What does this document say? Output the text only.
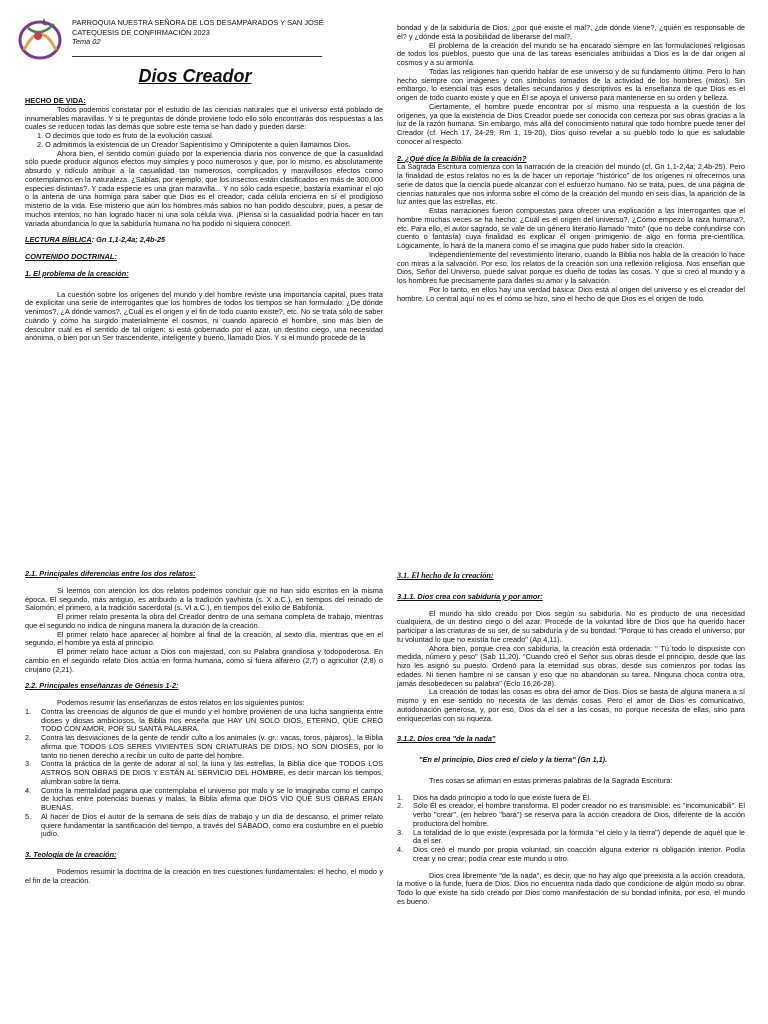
PARROQUIA NUESTRA SEÑORA DE LOS DESAMPARADOS Y SAN JOSÉ
CATEQUESIS DE CONFIRMACIÓN 2023
Tema 02
Dios Creador

HECHO DE VIDA:

Todos podemos constatar por el estudio de las ciencias naturales que el universo está poblado de innumerables maravillas. Y si te preguntas de dónde proviene todo ello sólo encontrarás dos respuestas a las cuales se reducen todas las demás que sobre este tema se han dado y pueden darse:

1. O decimos que todo es fruto de la evolución casual.

2. O admitimos la existencia de un Creador Sapientísimo y Omnipotente a quien llamamos Dios.

Ahora bien, el sentido común guiado por la experiencia diaria nos convence de que la casualidad sólo puede producir algunos efectos muy simples y poco numerosos y que, por lo mismo, es absolutamente absurdo y ridículo atribuir a la casualidad tan numerosos, complicados y maravillosos efectos como contemplamos en la naturaleza. ¿Sabías, por ejemplo, que los insectos están clasificados en más de 300,000 especies distintas?. Y cada especie es una gran maravilla... Y no sólo cada especie, bastaría examinar el ojo o la antena de una hormiga para saber que Dios es el creador; cada célula encierra en sí el prodigioso misterio de la vida. Ese misterio que aún los hombres más sabios no han podido descubrir, pues, a pesar de muchos intentos, no han logrado hacer ni una sola célula viva. ¡Piensa si la casualidad podría hacer en tan variada abundancia lo que la sabiduría humana no ha podido ni siquiera conocer!.

LECTURA BÍBLICA: Gn 1,1-2,4a; 2,4b-25

CONTENIDO DOCTRINAL:

1. El problema de la creación:

La cuestión sobre los orígenes del mundo y del hombre reviste una importancia capital, pues trata de explicitar una serie de interrogantes que los hombres de todos los tiempos se han formulado: ¿De dónde venimos?, ¿A dónde vamos?, ¿Cuál es el origen y el fin de todo cuanto existe?, etc. No se trata sólo de saber cuándo y cómo ha surgido materialmente el cosmos, ni cuando apareció el hombre, sino más bien de descubrir cuál es el sentido de tal origen: si está gobernado por el azar, un destino ciego, una necesidad anónima, o bien por un Ser trascendente, inteligente y bueno, llamado Dios. Y si el mundo procede de la

bondad y de la sabiduría de Dios, ¿por qué existe el mal?, ¿de dónde viene?, ¿quién es responsable de él? y ¿dónde está la posibilidad de liberarse del mal?.

El problema de la creación del mundo se ha encarado siempre en las formulaciones religiosas de todos los pueblos, puesto que una de las tareas esenciales atribuidas a Dios es la de dar origen al cosmos y a su armonía.

Todas las religiones han querido hablar de ese universo y de su fundamento último. Pero lo han hecho siempre con imágenes y con símbolos tomados de la actividad de los hombres (mitos). Sin embargo, lo esencial tras esos detalles secundarios y descriptivos es la enseñanza de que Dios es el origen de todo cuanto existe y que en Él se apoya el universo para mantenerse en su orden y belleza.

Ciertamente, el hombre puede encontrar por sí mismo una respuesta a la cuestión de los orígenes, ya que la existencia de Dios Creador puede ser conocida con certeza por sus obras gracias a la luz de la razón humana. Sin embargo, más allá del conocimiento natural que todo hombre puede tener del Creador (cf. Hech 17, 24-29; Rm 1, 19-20), Dios quiso revelar a su pueblo todo lo que es saludable conocer al respecto.

2. ¿Qué dice la Biblia de la creación?

La Sagrada Escritura comienza con la narración de la creación del mundo (cf. Gn 1,1-2,4a; 2,4b-25). Pero la finalidad de estos relatos no es la de hacer un reportaje "histórico" de los orígenes ni ofrecernos una serie de datos que la ciencia puede alcanzar con el esfuerzo humano. No se trata, pues, de una página de ciencias naturales que nos informa sobre el cómo de la creación del mundo en seis días, la aparición de la luz antes que las estrellas, etc.

Estas narraciones fueron compuestas para ofrecer una explicación a las interrogantes que el hombre muchas veces se ha hecho: ¿Cuál es el origen del universo?, ¿Cómo empezó la raza humana?, etc. Para ello, el autor sagrado, se vale de un género literario llamado "mito" (que no debe confundirse con cuento o fantasía) cuya finalidad es explicar el origen primigenio de algo en forma pre-científica. Lógicamente, lo hará de la manera como él se imagina que pudo haber sido la creación.

Independientemente del revestimiento literario, cuando la Biblia nos habla de la creación lo hace con miras a la salvación. Por eso, los relatos de la creación son una reflexión religiosa. Nos enseñan que Dios, Señor del Universo, puede salvar porque es dueño de todas las cosas. Y que si creó al mundo y a los hombres fue precisamente para darles su amor y la salvación.

Por lo tanto, en ellos hay una verdad básica: Dios está al origen del universo y es el creador del hombre. Lo central aquí no es el cómo se hizo, sino el hecho de que Dios es el origen de todo.

2.1. Principales diferencias entre los dos relatos:

Si leemos con atención los dos relatos podemos concluir que no han sido escritos en la misma época. El segundo, más antiguo, es atribuido a la tradición yavhista (s. X a.C.), en tiempos del reinado de Salomón; el primero, a la tradición sacerdotal (s. VI a.C.), en tiempos del exilio de Babilonia.

El primer relato presenta la obra del Creador dentro de una semana completa de trabajo, mientras que el segundo no indica de ninguna manera la duración de la creación.

El primer relato hace aparecer al hombre al final de la creación, al sexto día, mientras que en el segundo, el hombre ya está al principio.

El primer relato hace actuar a Dios con majestad, con su Palabra grandiosa y todopoderosa. En cambio en el segundo relato Dios actúa en forma humana, como si fuera alfarero (2,7) o agricultor (2,8) o cirujano (2,21).

2.2. Principales enseñanzas de Génesis 1-2:

Podemos resumir las enseñanzas de estos relatos en los siguientes puntos:

1.	Contra las creencias de algunos de que el mundo y el hombre provienen de una lucha sangrienta entre dioses y diosas ambiciosos, la Biblia nos enseña que HAY UN SOLO DIOS, ETERNO, QUE CREÓ TODO CON AMOR, POR SU SANTA PALABRA.
2.	Contra las desviaciones de la gente de rendir culto a los animales (v. gr.: vacas, toros, pájaros)., la Biblia afirma que TODOS LOS SERES VIVIENTES SON CRIATURAS DE DIOS, NO SON DIOSES, por lo tanto no tienen derecho a recibir un culto de parte del hombre.
3.	Contra la práctica de la gente de adorar al sol, la luna y las estrellas, la Biblia dice que TODOS LOS ASTROS SON OBRAS DE DIOS Y ESTÁN AL SERVICIO DEL HOMBRE, es decir marcan los tiempos, alumbran sobre la tierra.
4.	Contra la mentalidad pagana que contemplaba el universo por malo y se lo imaginaba como el campo de luchas entre potencias buenas y malas, la Biblia afirma que DIOS VIO QUE SUS OBRAS ERAN BUENAS.
5.	Al hacer de Dios el autor de la semana de seis días de trabajo y un día de descanso, el primer relato quiere fundamentar la santificación del tiempo, a través del SÁBADO, como era costumbre en el pueblo judío.

3. Teología de la creación:

Podemos resumir la doctrina de la creación en tres cuestiones fundamentales: el hecho, el modo y el fin de la creación.

3.1. El hecho de la creación:

3.1.1. Dios crea con sabiduría y por amor:

El mundo ha sido creado por Dios según su sabiduría. No es producto de una necesidad cualquiera, de un destino ciego o del azar. Procede de la voluntad libre de Dios que ha querido hacer participar a las criaturas de su ser, de su sabiduría y de su bondad: "Porque tú has creado el universo; por tu voluntad lo que no existía fue creado" (Ap 4,11).

Ahora bien, porque crea con sabiduría, la creación está ordenada: " Tú todo lo dispusiste con medida, número y peso" (Sab 11,20). "Cuando creó el Señor sus obras desde el principio, desde que las hizo les asignó su puesto. Ordenó para la eternidad sus obras, desde sus comienzos por todas las edades. Ni tienen hambre ni se cansan y eso que no abandonan su tarea. Ninguna choca contra otra, jamás desobedecen su palabra" (Eclo 16,26-28).

La creación de todas las cosas es obra del amor de Dios. Dios se basta de alguna manera a sí mismo y en ese sentido no necesita de las demás cosas. Pero el amor de Dios es comunicativo, autodonación generosa, y, por eso, Dios da el ser a las cosas, no porque necesita de ellas, sino para enriquecerlas con su riqueza.

3.1.2. Dios crea "de la nada"

"En el principio, Dios creó el cielo y la tierra" (Gn 1,1).

Tres cosas se afirman en estas primeras palabras de la Sagrada Escritura:

1.	Dios ha dado principio a todo lo que existe fuera de Él.
2.	Sólo Él es creador, el hombre transforma. El poder creador no es transmisible: es "incomunicabili". El verbo "crear", (en hebreo "bará") se reserva para la acción creadora de Dios, diferente de la acción productora del hombre.
3.	La totalidad de lo que existe (expresada por la fórmula "el cielo y la tierra") depende de aquél que le da el ser.
4.	Dios creó el mundo por propia voluntad, sin coacción alguna exterior ni obligación interior. Podía crear y no crear; podía crear este mundo u otro.

Dios crea libremente "de la nada", es decir, que no hay algo que preexista a la acción creadora, la motive o la funde, fuera de Dios. Dios no encuentra nada dado que condicione de algún modo su obrar. Todo lo que existe ha sido creado por Dios como manifestación de su bondad infinita, por eso, el mundo es bueno.
